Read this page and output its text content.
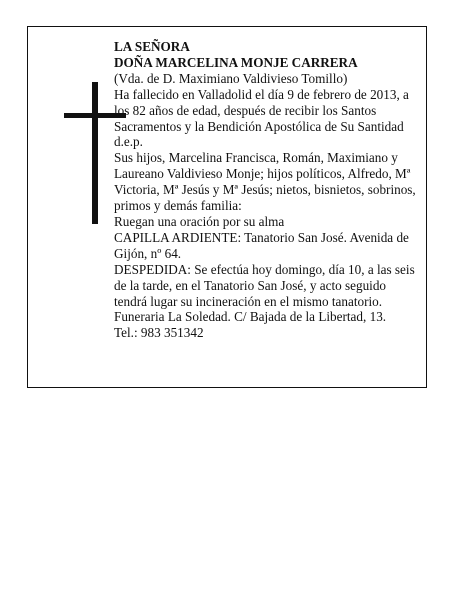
LA SEÑORA

DOÑA MARCELINA MONJE CARRERA

(Vda. de D. Maximiano Valdivieso Tomillo)

Ha fallecido en Valladolid el día 9 de febrero de 2013, a los 82 años de edad, después de recibir los Santos Sacramentos y la Bendición Apostólica de Su Santidad

d.e.p.

Sus hijos, Marcelina Francisca, Román, Maximiano y Laureano Valdivieso Monje; hijos políticos, Alfredo, Mª Victoria, Mª Jesús y Mª Jesús; nietos, bisnietos, sobrinos, primos y demás familia:

Ruegan una oración por su alma

CAPILLA ARDIENTE: Tanatorio San José. Avenida de Gijón, nº 64.

DESPEDIDA: Se efectúa hoy domingo, día 10, a las seis de la tarde, en el Tanatorio San José, y acto seguido tendrá lugar su incineración en el mismo tanatorio.

Funeraria La Soledad. C/ Bajada de la Libertad, 13.

Tel.: 983 351342
